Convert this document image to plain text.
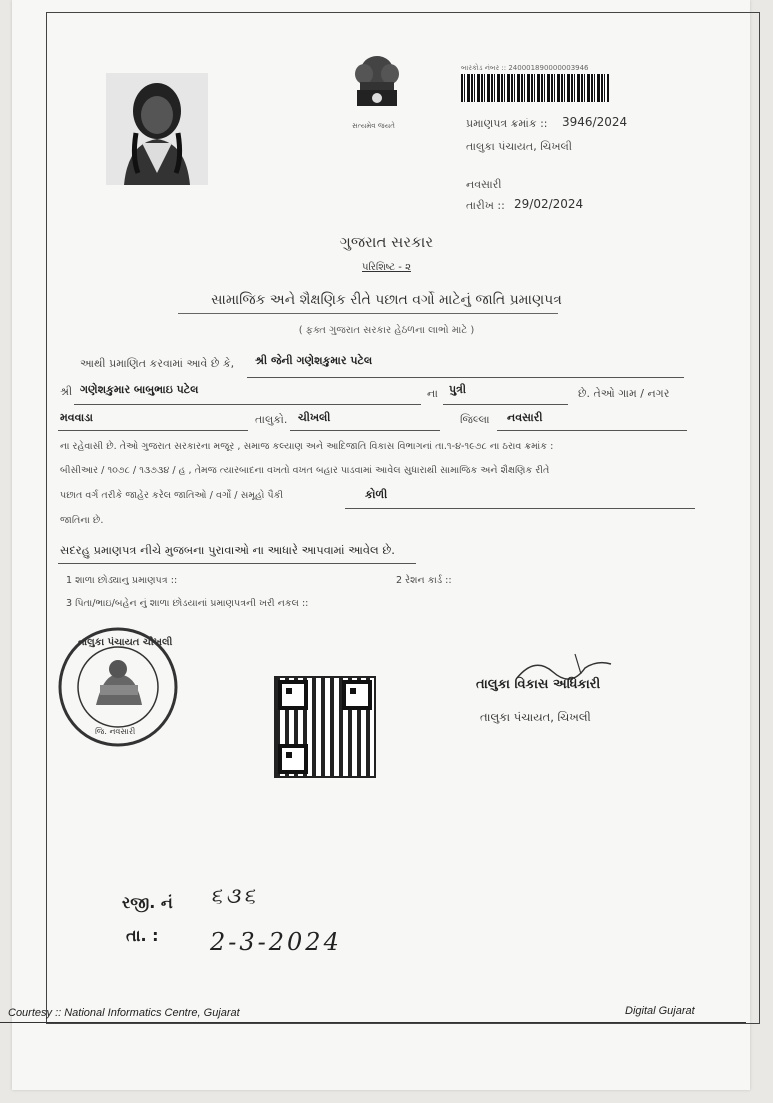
સત્યમેવ જયતે
બારકોડ નંબર :: 240001890000003946
પ્રમાણપત્ર ક્રમાંક :: 3946/2024
તાલુકા પંચાયત, ચિખલી
નવસારી
તારીખ :: 29/02/2024
ગુજરાત સરકાર
પરિશિષ્ટ - ૨
સામાજિક અને શૈક્ષણિક રીતે પછાત વર્ગો માટેનું જાતિ પ્રમાણપત્ર
( ફક્ત ગુજરાત સરકાર હેઠળના લાભો માટે )
આથી પ્રમાણિત કરવામાં આવે છે કે, શ્રી જેની ગણેશકુમાર પટેલ
શ્રી ગણેશકુમાર બાબુભાઇ પટેલ	ના પુત્રી	છે. તેઓ ગામ / નગર
મવવાડા	તાલુકો. ચીખલી	જિલ્લા નવસારી
ના રહેવાસી છે. તેઓ ગુજરાત સરકારના મજૂર , સમાજ કલ્યાણ અને આદિજાતિ વિકાસ વિભાગનાં તા.૧-૪-૧૯૭૮ ના ઠરાવ ક્રમાંક :
બીસીઆર / ૧૦૭૮ / ૧૩૭૩૪ / હ , તેમજ ત્યારબાદના વખતો વખત બહાર પાડવામાં આવેલ સુધારાથી સામાજિક અને શૈક્ષણિક રીતે
પછાત વર્ગ તરીકે જાહેર કરેલ જાતિઓ / વર્ગો / સમૂહો પૈકી	કોળી
જાતિના છે.
સદરહુ પ્રમાણપત્ર નીચે મુજબના પુરાવાઓ ના આધારે આપવામાં આવેલ છે.
1 શાળા છોડ્યાનુ પ્રમાણપત્ર ::	2 રેશન કાર્ડ ::
3 પિતા/ભાઇ/બહેન નું શાળા છોડયાનાં પ્રમાણપત્રની ખરી નકલ ::
તાલુકા પંચાયત ચીખલી
જિ. નવસારી
તાલુકા વિકાસ અધિકારી
તાલુકા પંચાયત, ચિખલી
રજી. નં ૬૩૬
તા. : 2-3-2024
Courtesy :: National Informatics Centre, Gujarat	Digital Gujarat
